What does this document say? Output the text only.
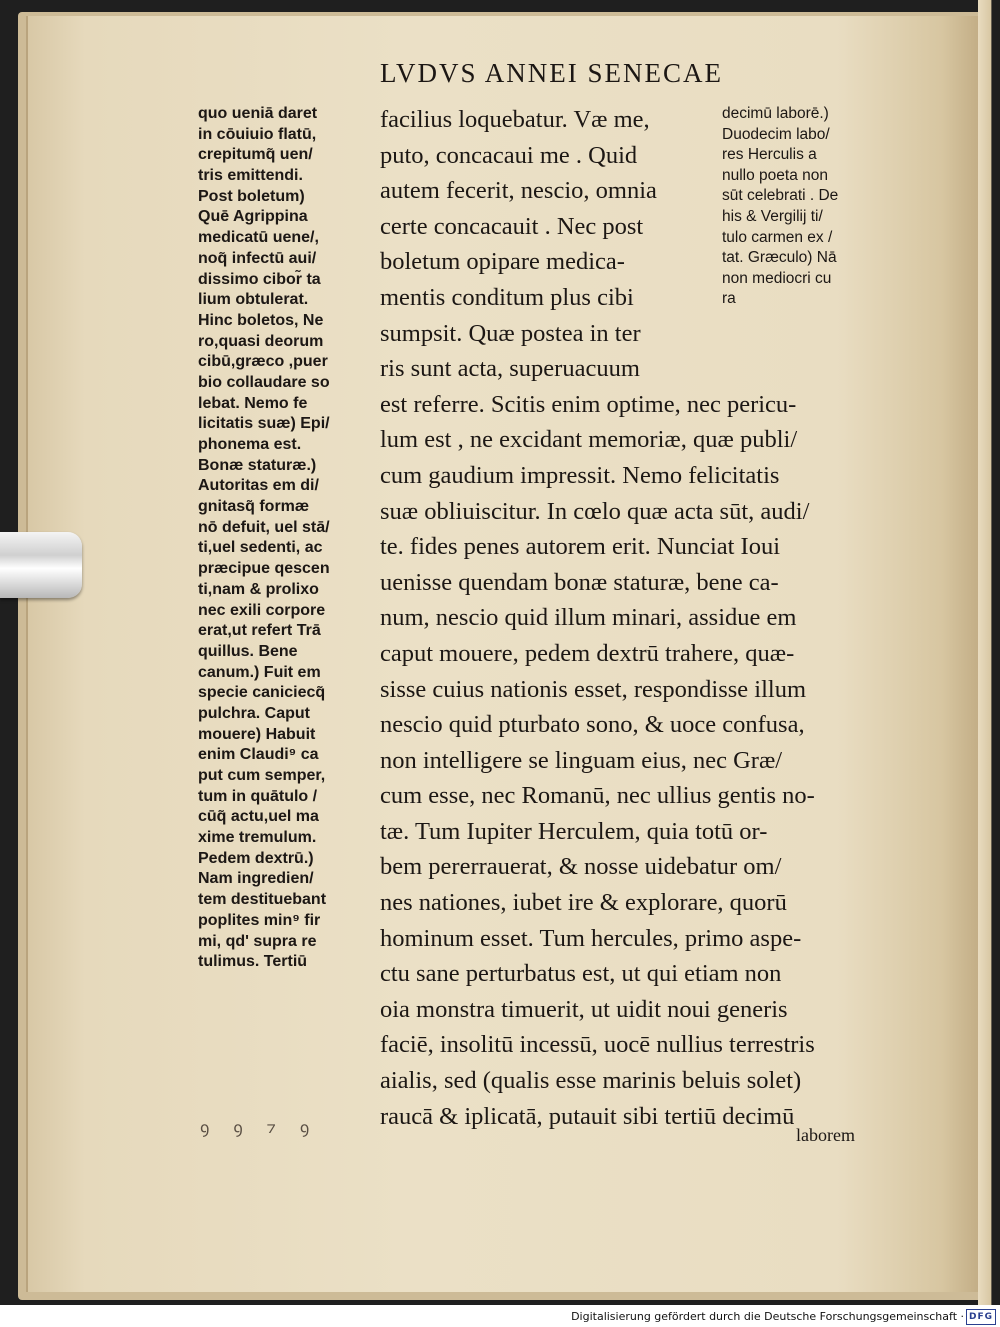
LVDVS ANNEI SENECAE
quo ueniā daret
in cōuiuio flatū,
crepitumq̃ uen/
tris emittendi.
Post boletum)
Quē Agrippina
medicatū uene/,
noq̃ infectū aui/
dissimo cibor̃ ta
lium obtulerat.
Hinc boletos, Ne
ro,quasi deorum
cibū,græco ,puer
bio collaudare so
lebat. Nemo fe
licitatis suæ) Epi/
phonema est.
Bonæ staturæ.)
Autoritas em di/
gnitasq̃ formæ
nō defuit, uel stā/
ti,uel sedenti, ac
præcipue qescen
ti,nam & prolixo
nec exili corpore
erat,ut refert Trā
quillus. Bene
canum.) Fuit em
specie caniciecq̃
pulchra. Caput
mouere) Habuit
enim Claudi⁹ ca
put cum semper,
tum in quātulo /
cūq̃ actu,uel ma
xime tremulum.
Pedem dextrū.)
Nam ingredien/
tem destituebant
poplites min⁹ fir
mi, qd' supra re
tulimus. Tertiū
facilius loquebatur. Væ me,
puto, concacaui me . Quid
autem fecerit, nescio, omnia
certe concacauit . Nec post
boletum opipare medica-
mentis conditum plus cibi
sumpsit. Quæ postea in ter
ris sunt acta, superuacuum
est referre. Scitis enim optime, nec pericu-
lum est , ne excidant memoriæ, quæ publi/
cum gaudium impressit. Nemo felicitatis
suæ obliuiscitur. In cœlo quæ acta sūt, audi/
te. fides penes autorem erit. Nunciat Ioui
uenisse quendam bonæ staturæ, bene ca-
num, nescio quid illum minari, assidue em
caput mouere, pedem dextrū trahere, quæ-
sisse cuius nationis esset, respondisse illum
nescio quid pturbato sono, & uoce confusa,
non intelligere se linguam eius, nec Græ/
cum esse, nec Romanū, nec ullius gentis no-
tæ. Tum Iupiter Herculem, quia totū or-
bem pererrauerat, & nosse uidebatur om/
nes nationes, iubet ire & explorare, quorū
hominum esset. Tum hercules, primo aspe-
ctu sane perturbatus est, ut qui etiam non
oia monstra timuerit, ut uidit noui generis
faciē, insolitū incessū, uocē nullius terrestris
aialis, sed (qualis esse marinis beluis solet)
raucā & iplicatā, putauit sibi tertiū decimū
decimū laborē.)
Duodecim labo/
res Herculis a
nullo poeta non
sūt celebrati . De
his & Vergilij ti/
tulo carmen ex /
tat. Græculo) Nā
non mediocri cu
ra
ꝯ ꝯ ⁊ ꝯ	laborem
Digitalisierung gefördert durch die Deutsche Forschungsgemeinschaft · DFG
